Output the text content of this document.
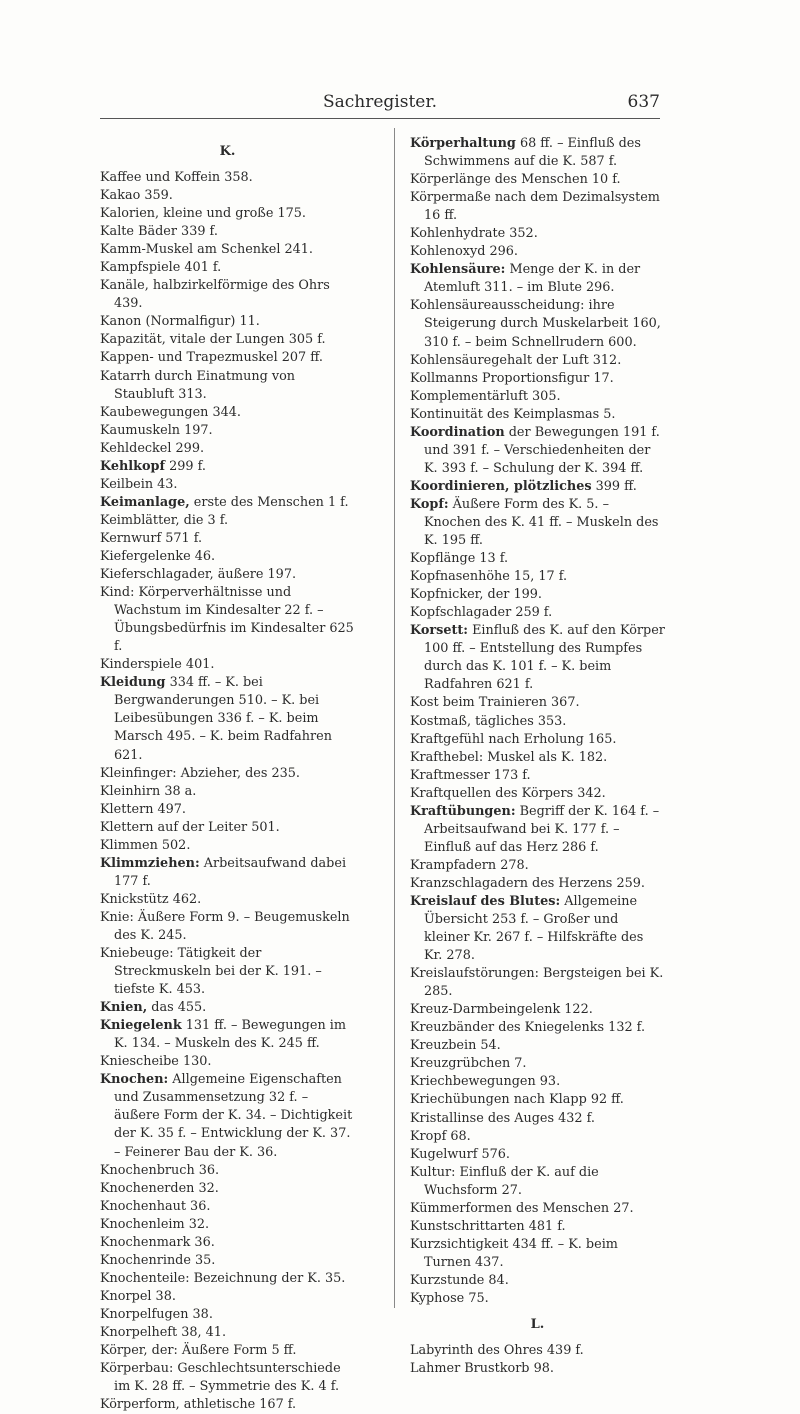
Sachregister.	637
K.
Kaffee und Koffein 358.
Kakao 359.
Kalorien, kleine und große 175.
Kalte Bäder 339 f.
Kamm-Muskel am Schenkel 241.
Kampfspiele 401 f.
Kanäle, halbzirkelförmige des Ohrs 439.
Kanon (Normalfigur) 11.
Kapazität, vitale der Lungen 305 f.
Kappen- und Trapezmuskel 207 ff.
Katarrh durch Einatmung von Staubluft 313.
Kaubewegungen 344.
Kaumuskeln 197.
Kehldeckel 299.
Kehlkopf 299 f.
Keilbein 43.
Keimanlage, erste des Menschen 1 f.
Keimblätter, die 3 f.
Kernwurf 571 f.
Kiefergelenke 46.
Kieferschlagader, äußere 197.
Kind: Körperverhältnisse und Wachstum im Kindesalter 22 f. – Übungsbedürfnis im Kindesalter 625 f.
Kinderspiele 401.
Kleidung 334 ff. – K. bei Bergwanderungen 510. – K. bei Leibesübungen 336 f. – K. beim Marsch 495. – K. beim Radfahren 621.
Kleinfinger: Abzieher, des 235.
Kleinhirn 38 a.
Klettern 497.
Klettern auf der Leiter 501.
Klimmen 502.
Klimmziehen: Arbeitsaufwand dabei 177 f.
Knickstütz 462.
Knie: Äußere Form 9. – Beugemuskeln des K. 245.
Kniebeuge: Tätigkeit der Streckmuskeln bei der K. 191. – tiefste K. 453.
Knien, das 455.
Kniegelenk 131 ff. – Bewegungen im K. 134. – Muskeln des K. 245 ff.
Kniescheibe 130.
Knochen: Allgemeine Eigenschaften und Zusammensetzung 32 f. – äußere Form der K. 34. – Dichtigkeit der K. 35 f. – Entwicklung der K. 37. – Feinerer Bau der K. 36.
Knochenbruch 36.
Knochenerden 32.
Knochenhaut 36.
Knochenleim 32.
Knochenmark 36.
Knochenrinde 35.
Knochenteile: Bezeichnung der K. 35.
Knorpel 38.
Knorpelfugen 38.
Knorpelheft 38, 41.
Körper, der: Äußere Form 5 ff.
Körperbau: Geschlechtsunterschiede im K. 28 ff. – Symmetrie des K. 4 f.
Körperform, athletische 167 f.
Körperhaltung 68 ff. – Einfluß des Schwimmens auf die K. 587 f.
Körperlänge des Menschen 10 f.
Körpermaße nach dem Dezimalsystem 16 ff.
Kohlenhydrate 352.
Kohlenoxyd 296.
Kohlensäure: Menge der K. in der Atemluft 311. – im Blute 296.
Kohlensäureausscheidung: ihre Steigerung durch Muskelarbeit 160, 310 f. – beim Schnellrudern 600.
Kohlensäuregehalt der Luft 312.
Kollmanns Proportionsfigur 17.
Komplementärluft 305.
Kontinuität des Keimplasmas 5.
Koordination der Bewegungen 191 f. und 391 f. – Verschiedenheiten der K. 393 f. – Schulung der K. 394 ff.
Koordinieren, plötzliches 399 ff.
Kopf: Äußere Form des K. 5. – Knochen des K. 41 ff. – Muskeln des K. 195 ff.
Kopflänge 13 f.
Kopfnasenhöhe 15, 17 f.
Kopfnicker, der 199.
Kopfschlagader 259 f.
Korsett: Einfluß des K. auf den Körper 100 ff. – Entstellung des Rumpfes durch das K. 101 f. – K. beim Radfahren 621 f.
Kost beim Trainieren 367.
Kostmaß, tägliches 353.
Kraftgefühl nach Erholung 165.
Krafthebel: Muskel als K. 182.
Kraftmesser 173 f.
Kraftquellen des Körpers 342.
Kraftübungen: Begriff der K. 164 f. – Arbeitsaufwand bei K. 177 f. – Einfluß auf das Herz 286 f.
Krampfadern 278.
Kranzschlagadern des Herzens 259.
Kreislauf des Blutes: Allgemeine Übersicht 253 f. – Großer und kleiner Kr. 267 f. – Hilfskräfte des Kr. 278.
Kreislaufstörungen: Bergsteigen bei K. 285.
Kreuz-Darmbeingelenk 122.
Kreuzbänder des Kniegelenks 132 f.
Kreuzbein 54.
Kreuzgrübchen 7.
Kriechbewegungen 93.
Kriechübungen nach Klapp 92 ff.
Kristallinse des Auges 432 f.
Kropf 68.
Kugelwurf 576.
Kultur: Einfluß der K. auf die Wuchsform 27.
Kümmerformen des Menschen 27.
Kunstschrittarten 481 f.
Kurzsichtigkeit 434 ff. – K. beim Turnen 437.
Kurzstunde 84.
Kyphose 75.
L.
Labyrinth des Ohres 439 f.
Lahmer Brustkorb 98.
